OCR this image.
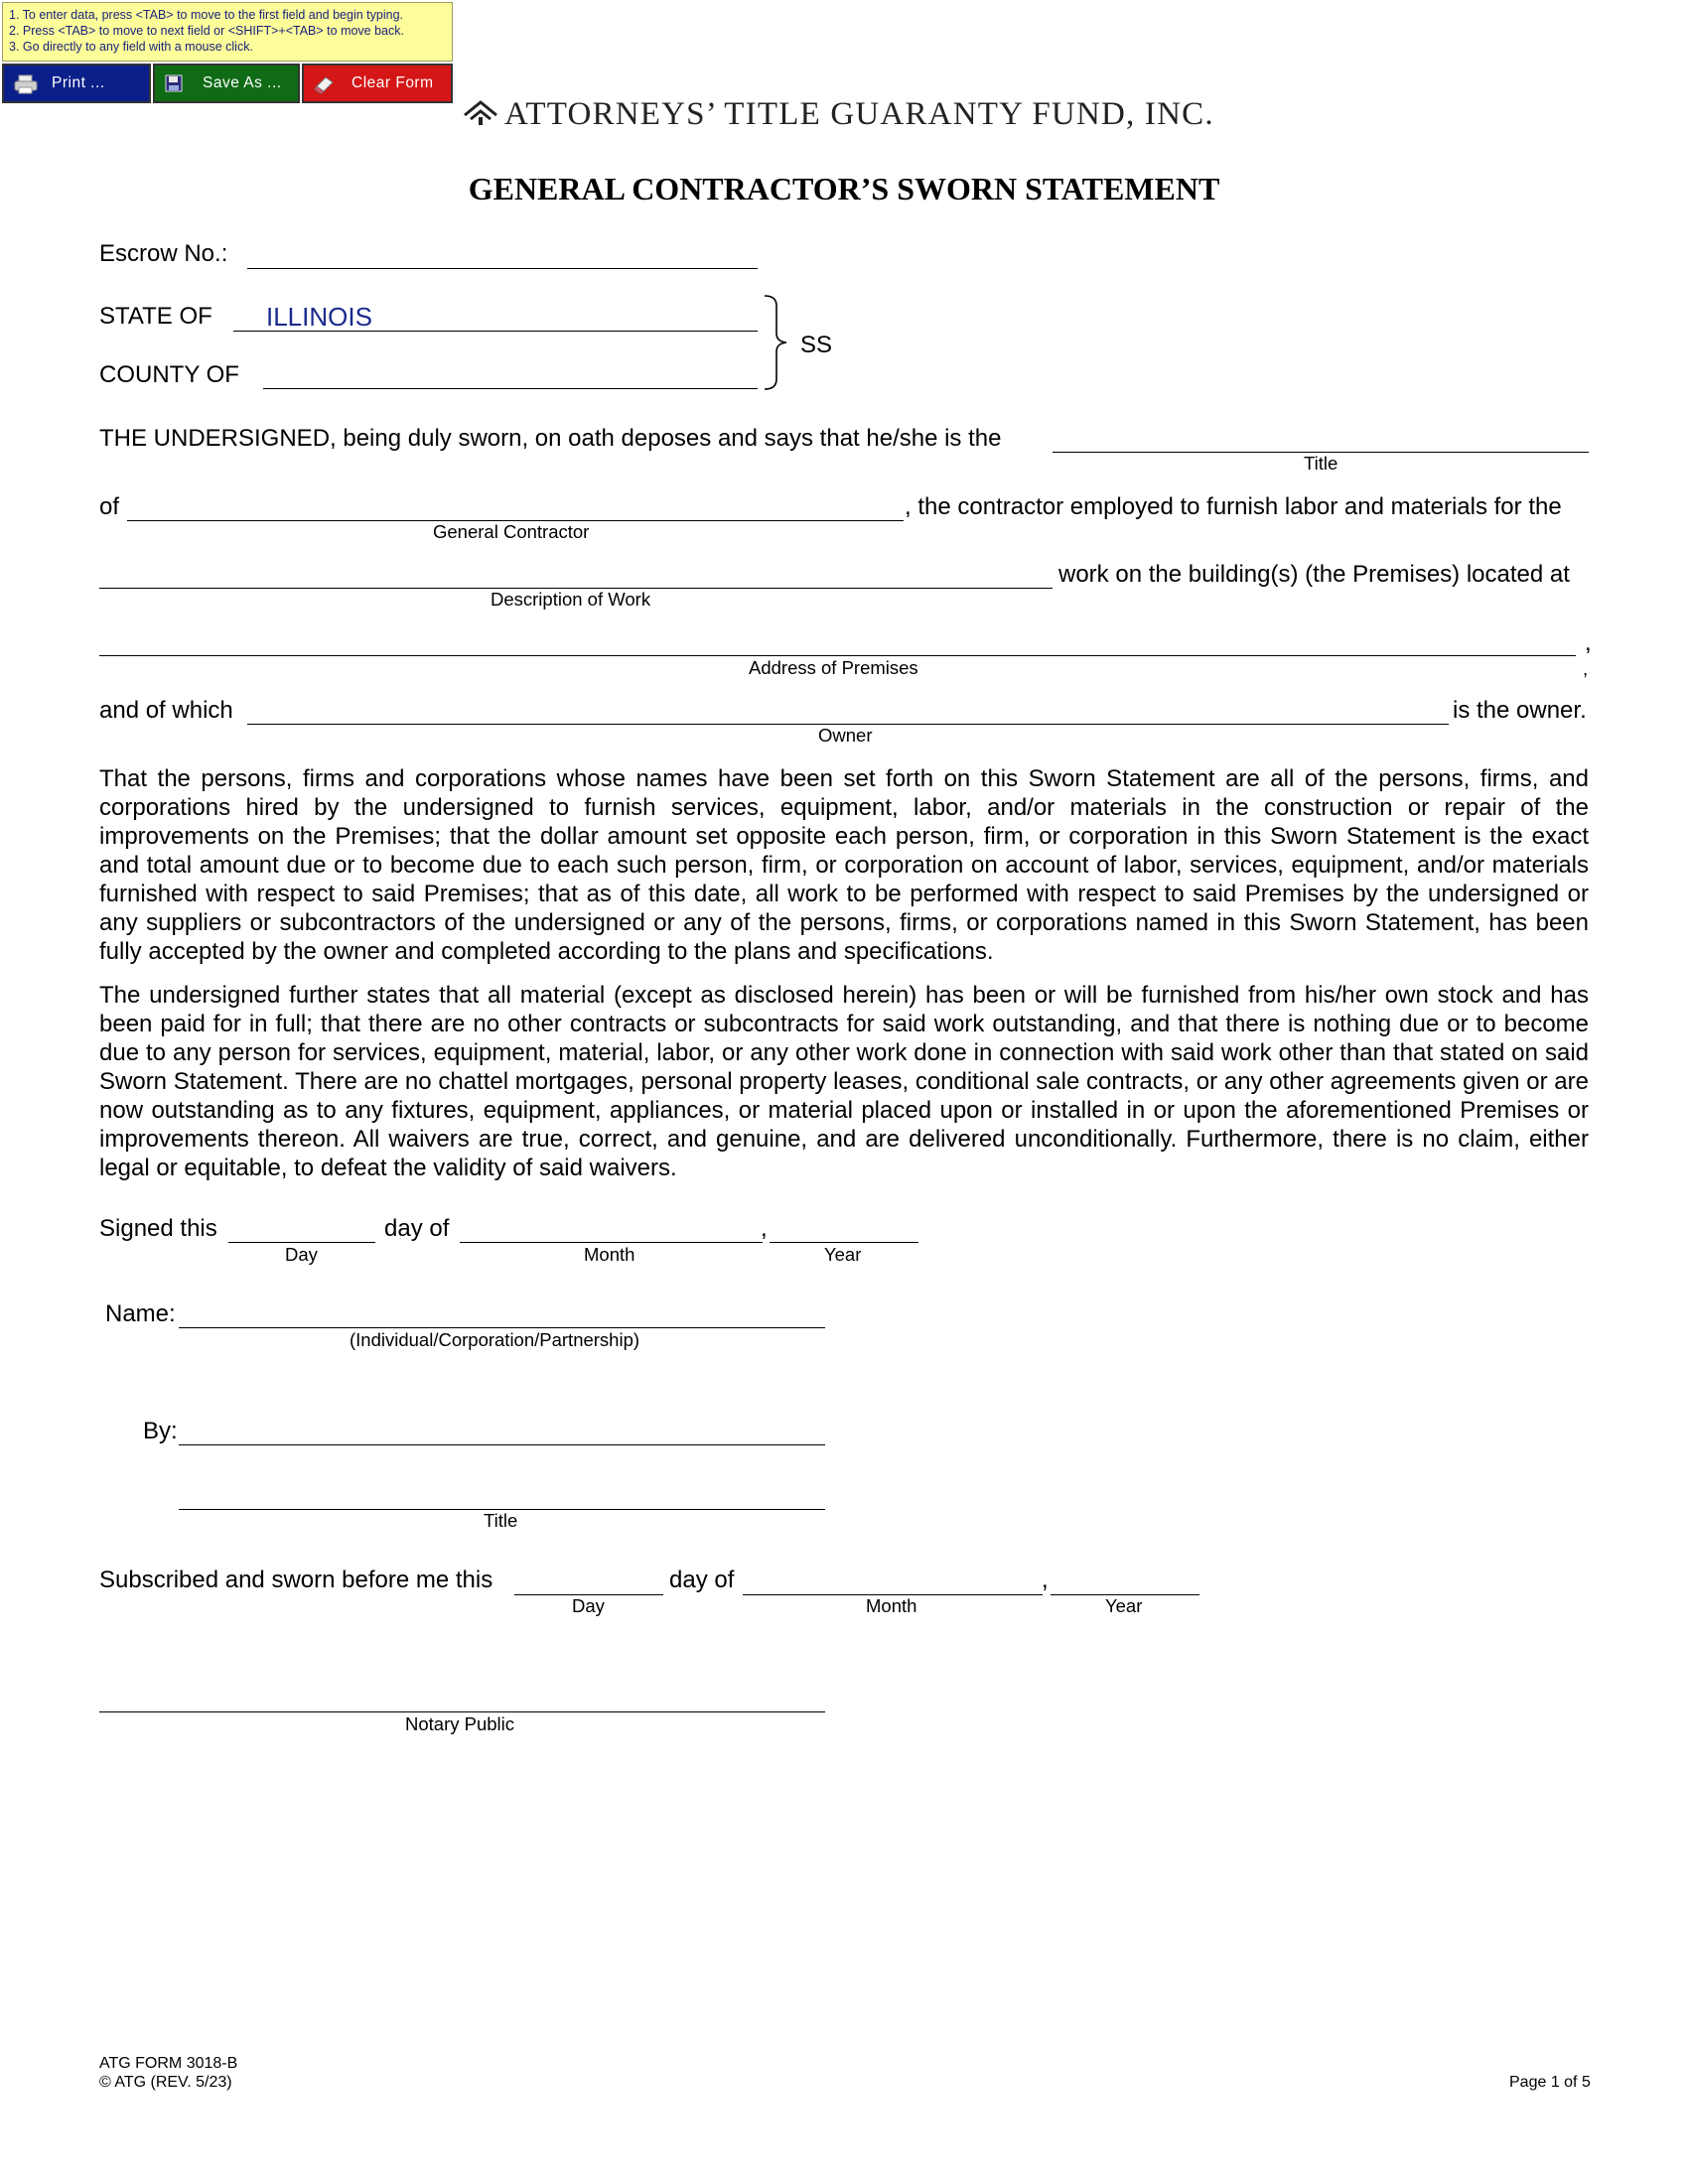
1. To enter data, press <TAB> to move to the first field and begin typing.
2. Press <TAB> to move to next field or <SHIFT>+<TAB> to move back.
3. Go directly to any field with a mouse click.
Print ...	Save As ...	Clear Form
ATTORNEYS’ TITLE GUARANTY FUND, INC.
GENERAL CONTRACTOR’S SWORN STATEMENT
Escrow No.:
STATE OF ILLINOIS
COUNTY OF
SS
THE UNDERSIGNED, being duly sworn, on oath deposes and says that he/she is the
Title
of	, the contractor employed to furnish labor and materials for the
General Contractor
work on the building(s) (the Premises) located at
Description of Work
,
Address of Premises	,
and of which	is the owner.
Owner
That the persons, firms and corporations whose names have been set forth on this Sworn Statement are all of the persons, firms, and corporations hired by the undersigned to furnish services, equipment, labor, and/or materials in the construction or repair of the improvements on the Premises; that the dollar amount set opposite each person, firm, or corporation in this Sworn Statement is the exact and total amount due or to become due to each such person, firm, or corporation on account of labor, services, equipment, and/or materials furnished with respect to said Premises; that as of this date, all work to be performed with respect to said Premises by the undersigned or any suppliers or subcontractors of the undersigned or any of the persons, firms, or corporations named in this Sworn Statement, has been fully accepted by the owner and completed according to the plans and specifications.
The undersigned further states that all material (except as disclosed herein) has been or will be furnished from his/her own stock and has been paid for in full; that there are no other contracts or subcontracts for said work outstanding, and that there is nothing due or to become due to any person for services, equipment, material, labor, or any other work done in connection with said work other than that stated on said Sworn Statement. There are no chattel mortgages, personal property leases, conditional sale contracts, or any other agreements given or are now outstanding as to any fixtures, equipment, appliances, or material placed upon or installed in or upon the aforementioned Premises or improvements thereon. All waivers are true, correct, and genuine, and are delivered unconditionally. Furthermore, there is no claim, either legal or equitable, to defeat the validity of said waivers.
Signed this	day of	,
Day	Month	Year
Name:
(Individual/Corporation/Partnership)
By:
Title
Subscribed and sworn before me this	day of	,
Day	Month	Year
Notary Public
ATG FORM 3018-B
© ATG (REV. 5/23)	Page 1 of 5
